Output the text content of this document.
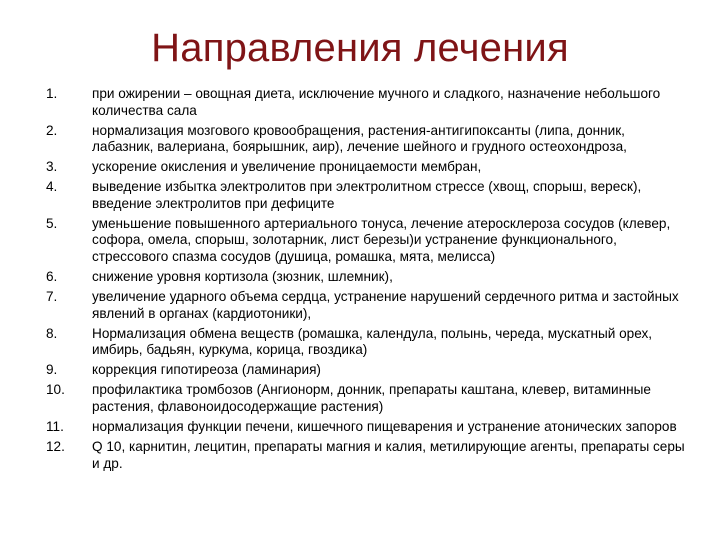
Направления лечения
1.	при ожирении – овощная диета, исключение мучного и сладкого, назначение небольшого количества сала
2.	нормализация мозгового кровообращения, растения-антигипоксанты (липа, донник, лабазник, валериана, боярышник, аир), лечение шейного и грудного остеохондроза,
3.	ускорение окисления и увеличение проницаемости мембран,
4.	выведение избытка электролитов при электролитном стрессе (хвощ, спорыш, вереск), введение электролитов при дефиците
5.	уменьшение повышенного артериального тонуса, лечение атеросклероза сосудов (клевер, софора, омела, спорыш, золотарник, лист березы)и устранение функционального, стрессового спазма сосудов (душица, ромашка, мята, мелисса)
6.	снижение уровня кортизола (зюзник, шлемник),
7.	увеличение ударного объема сердца, устранение нарушений сердечного ритма и застойных явлений в органах (кардиотоники),
8.	Нормализация обмена веществ (ромашка, календула, полынь, череда, мускатный орех, имбирь, бадьян, куркума, корица, гвоздика)
9.	коррекция гипотиреоза (ламинария)
10.	профилактика тромбозов (Ангионорм, донник, препараты каштана, клевер, витаминные растения, флавоноидосодержащие растения)
11.	нормализация функции печени, кишечного пищеварения и устранение атонических запоров
12.	Q 10, карнитин, лецитин, препараты магния и калия, метилирующие агенты, препараты серы и др.
